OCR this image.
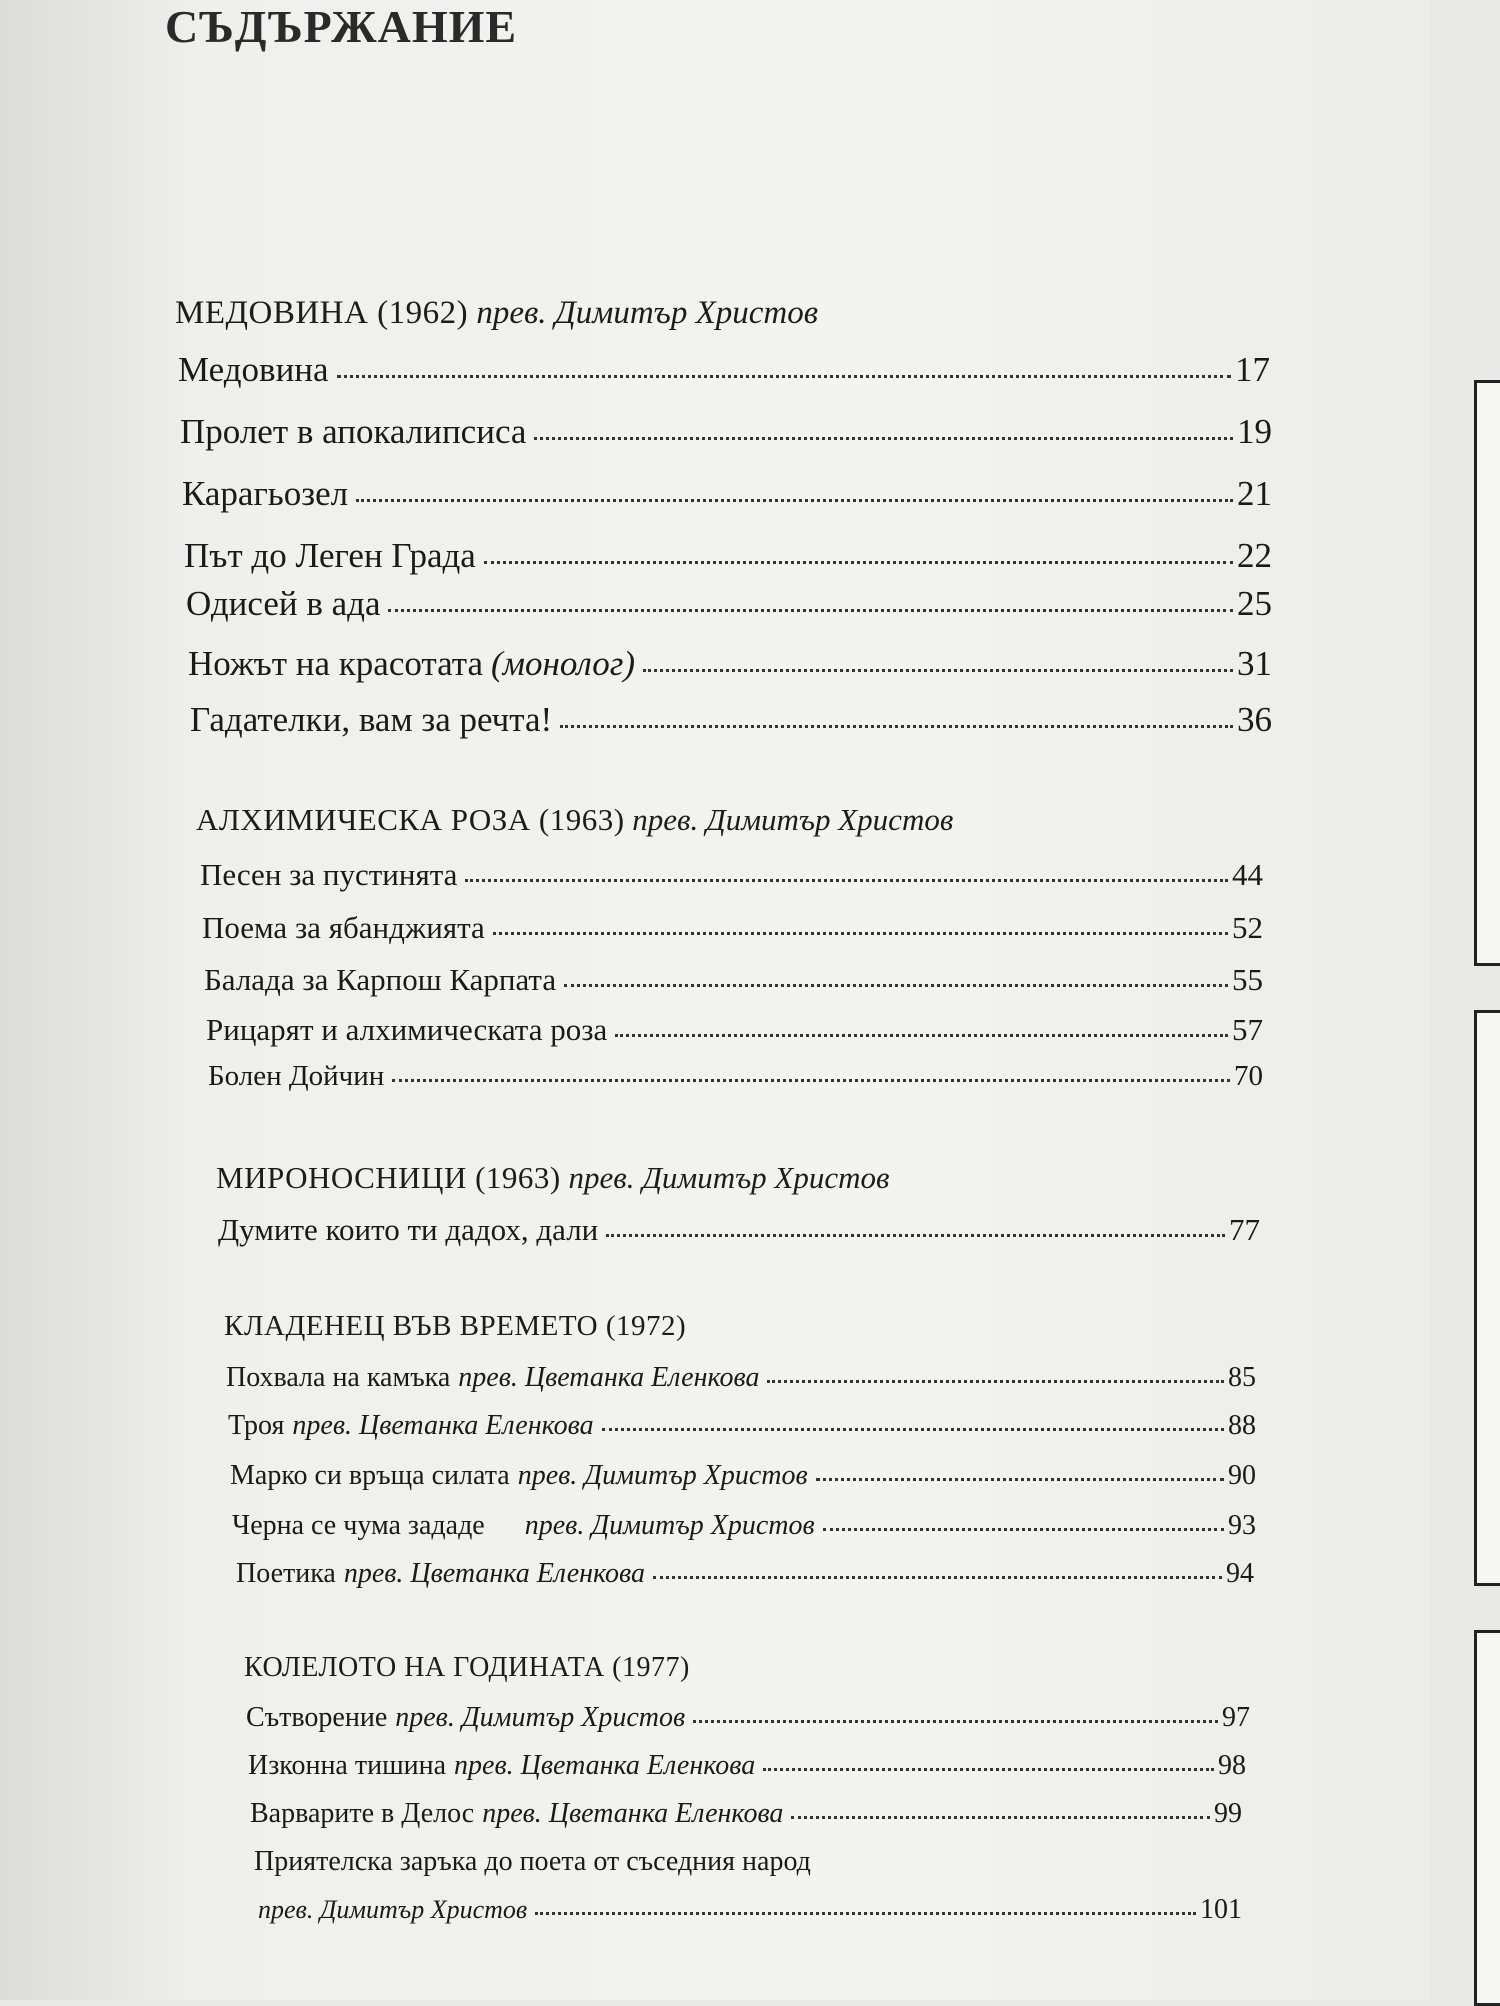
СЪДЪРЖАНИЕ
МЕДОВИНА (1962) прев. Димитър Христов
Медовина	17
Пролет в апокалипсиса	19
Карагьозел	21
Път до Леген Града	22
Одисей в ада	25
Ножът на красотата (монолог)	31
Гадателки, вам за речта!	36
АЛХИМИЧЕСКА РОЗА (1963) прев. Димитър Христов
Песен за пустинята	44
Поема за ябанджията	52
Балада за Карпош Карпата	55
Рицарят и алхимическата роза	57
Болен Дойчин	70
МИРОНОСНИЦИ (1963) прев. Димитър Христов
Думите които ти дадох, дали	77
КЛАДЕНЕЦ ВЪВ ВРЕМЕТО (1972)
Похвала на камъка прев. Цветанка Еленкова	85
Троя прев. Цветанка Еленкова	88
Марко си връща силата прев. Димитър Христов	90
Черна се чума зададе прев. Димитър Христов	93
Поетика прев. Цветанка Еленкова	94
КОЛЕЛОТО НА ГОДИНАТА (1977)
Сътворение прев. Димитър Христов	97
Изконна тишина прев. Цветанка Еленкова	98
Варварите в Делос прев. Цветанка Еленкова	99
Приятелска заръка до поета от съседния народ
прев. Димитър Христов	101
